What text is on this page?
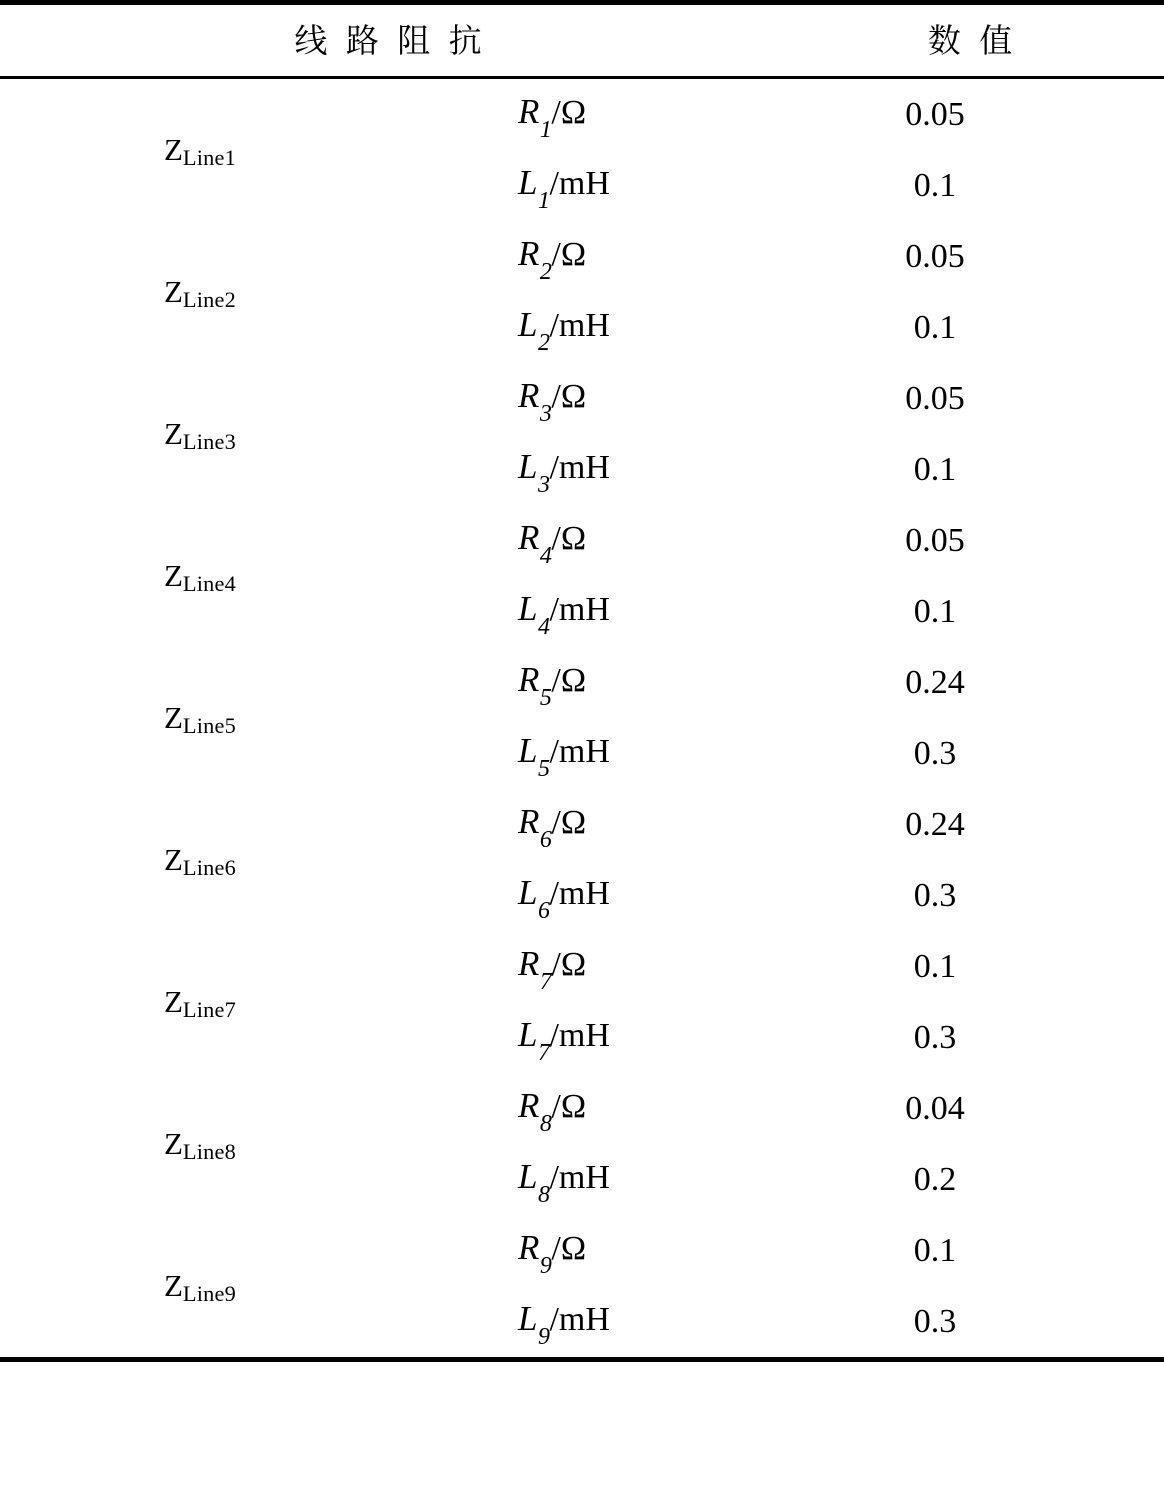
线 路 阻 抗		数 值
ZLine1	$R_1/\Omega$	0.05
	$L_1/mH$	0.1
ZLine2	$R_2/\Omega$	0.05
	$L_2/mH$	0.1
ZLine3	$R_3/\Omega$	0.05
	$L_3/mH$	0.1
ZLine4	$R_4/\Omega$	0.05
	$L_4/mH$	0.1
ZLine5	$R_5/\Omega$	0.24
	$L_5/mH$	0.3
ZLine6	$R_6/\Omega$	0.24
	$L_6/mH$	0.3
ZLine7	$R_7/\Omega$	0.1
	$L_7/mH$	0.3
ZLine8	$R_8/\Omega$	0.04
	$L_8/mH$	0.2
ZLine9	$R_9/\Omega$	0.1
	$L_9/mH$	0.3
